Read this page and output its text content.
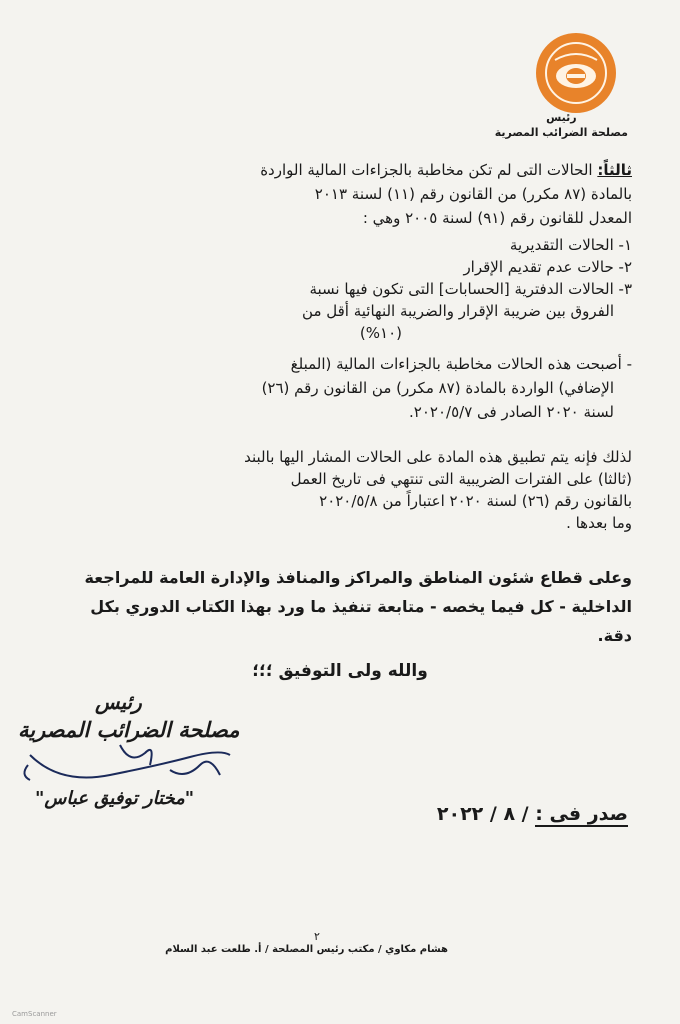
رئيس
مصلحة الضرائب المصرية
ثالثاً: الحالات التى لم تكن مخاطبة بالجزاءات المالية الواردة
بالمادة (٨٧ مكرر) من القانون رقم (١١) لسنة ٢٠١٣
المعدل للقانون رقم (٩١) لسنة ٢٠٠٥ وهي :
١- الحالات التقديرية
٢- حالات عدم تقديم الإقرار
٣- الحالات الدفترية [الحسابات] التى تكون فيها نسبة
الفروق بين ضريبة الإقرار والضريبة النهائية أقل من
(١٠%)
- أصبحت هذه الحالات مخاطبة بالجزاءات المالية (المبلغ
الإضافي) الواردة بالمادة (٨٧ مكرر) من القانون رقم (٢٦)
لسنة ٢٠٢٠ الصادر فى ٢٠٢٠/٥/٧.
لذلك فإنه يتم تطبيق هذه المادة على الحالات المشار اليها بالبند
(ثالثا) على الفترات الضريبية التى تنتهي فى تاريخ العمل
بالقانون رقم (٢٦) لسنة ٢٠٢٠ اعتباراً من ٢٠٢٠/٥/٨
وما بعدها .
وعلى قطاع شئون المناطق والمراكز والمنافذ والإدارة العامة للمراجعة
الداخلية - كل فيما يخصه - متابعة تنفيذ ما ورد بهذا الكتاب الدوري بكل
دقة.
والله ولى التوفيق ؛؛؛
رئيس
مصلحة الضرائب المصرية
"مختار توفيق عباس"
صدر فى : / ٨ / ٢٠٢٢
٢
هشام مكاوي / مكتب رئيس المصلحة / أ. طلعت عبد السلام
CamScanner
